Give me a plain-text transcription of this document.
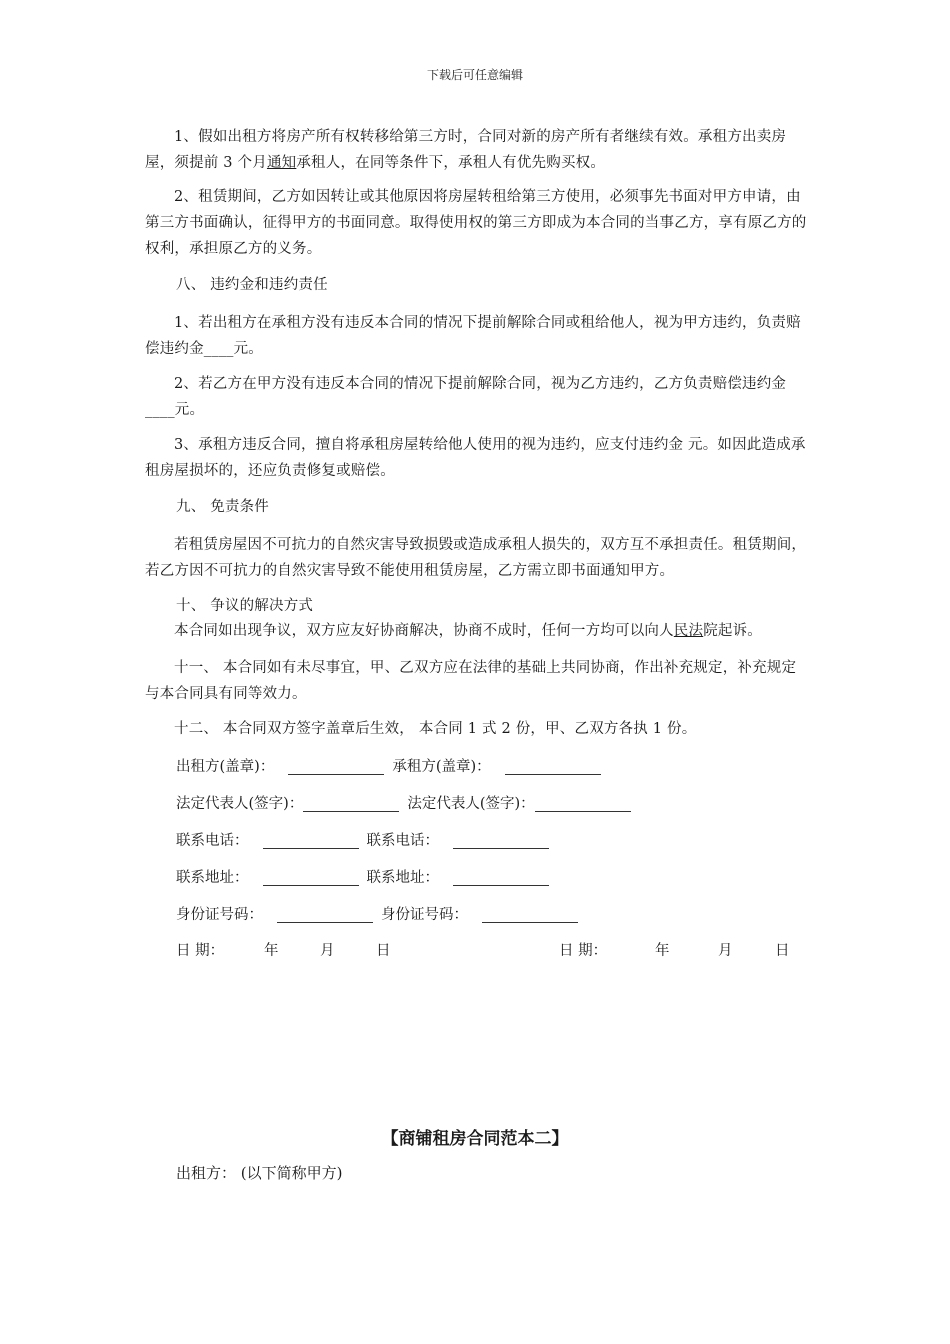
下载后可任意编辑
1、假如出租方将房产所有权转移给第三方时，合同对新的房产所有者继续有效。承租方出卖房屋，须提前 3 个月通知承租人，在同等条件下，承租人有优先购买权。
2、租赁期间，乙方如因转让或其他原因将房屋转租给第三方使用，必须事先书面对甲方申请，由第三方书面确认，征得甲方的书面同意。取得使用权的第三方即成为本合同的当事乙方，享有原乙方的权利，承担原乙方的义务。
八、 违约金和违约责任
1、若出租方在承租方没有违反本合同的情况下提前解除合同或租给他人，视为甲方违约，负责赔偿违约金____元。
2、若乙方在甲方没有违反本合同的情况下提前解除合同，视为乙方违约，乙方负责赔偿违约金____元。
3、承租方违反合同，擅自将承租房屋转给他人使用的视为违约，应支付违约金 元。如因此造成承租房屋损坏的，还应负责修复或赔偿。
九、 免责条件
若租赁房屋因不可抗力的自然灾害导致损毁或造成承租人损失的，双方互不承担责任。租赁期间，若乙方因不可抗力的自然灾害导致不能使用租赁房屋，乙方需立即书面通知甲方。
十、 争议的解决方式
本合同如出现争议，双方应友好协商解决，协商不成时，任何一方均可以向人民法院起诉。
十一、 本合同如有未尽事宜，甲、乙双方应在法律的基础上共同协商，作出补充规定，补充规定与本合同具有同等效力。
十二、 本合同双方签字盖章后生效， 本合同 1 式 2 份，甲、乙双方各执 1 份。
出租方(盖章)：	承租方(盖章)：
法定代表人(签字)：	法定代表人(签字)：
联系电话：	联系电话：
联系地址：	联系地址：
身份证号码：	身份证号码：
日 期：	年	月	日	日 期：	年	月	日
【商铺租房合同范本二】
出租方： (以下简称甲方)
